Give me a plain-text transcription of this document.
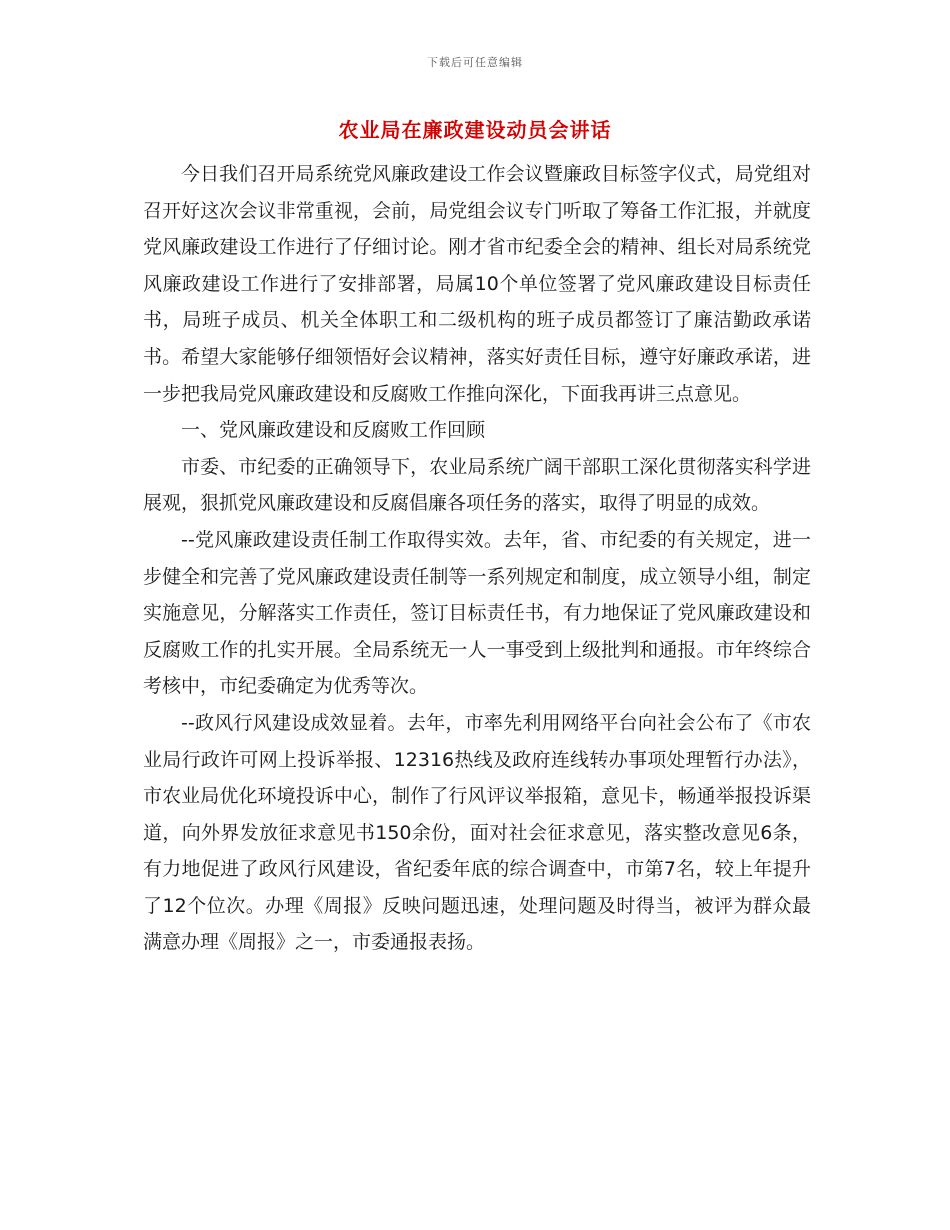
下载后可任意编辑
农业局在廉政建设动员会讲话

今日我们召开局系统党风廉政建设工作会议暨廉政目标签字仪式，局党组对召开好这次会议非常重视，会前，局党组会议专门听取了筹备工作汇报，并就度党风廉政建设工作进行了仔细讨论。刚才省市纪委全会的精神、组长对局系统党风廉政建设工作进行了安排部署，局属10个单位签署了党风廉政建设目标责任书，局班子成员、机关全体职工和二级机构的班子成员都签订了廉洁勤政承诺书。希望大家能够仔细领悟好会议精神，落实好责任目标，遵守好廉政承诺，进一步把我局党风廉政建设和反腐败工作推向深化，下面我再讲三点意见。

一、党风廉政建设和反腐败工作回顾

市委、市纪委的正确领导下，农业局系统广阔干部职工深化贯彻落实科学进展观，狠抓党风廉政建设和反腐倡廉各项任务的落实，取得了明显的成效。

--党风廉政建设责任制工作取得实效。去年，省、市纪委的有关规定，进一步健全和完善了党风廉政建设责任制等一系列规定和制度，成立领导小组，制定实施意见，分解落实工作责任，签订目标责任书，有力地保证了党风廉政建设和反腐败工作的扎实开展。全局系统无一人一事受到上级批判和通报。市年终综合考核中，市纪委确定为优秀等次。

--政风行风建设成效显着。去年，市率先利用网络平台向社会公布了《市农业局行政许可网上投诉举报、12316热线及政府连线转办事项处理暂行办法》，市农业局优化环境投诉中心，制作了行风评议举报箱，意见卡，畅通举报投诉渠道，向外界发放征求意见书150余份，面对社会征求意见，落实整改意见6条，有力地促进了政风行风建设，省纪委年底的综合调查中，市第7名，较上年提升了12个位次。办理《周报》反映问题迅速，处理问题及时得当，被评为群众最满意办理《周报》之一，市委通报表扬。
